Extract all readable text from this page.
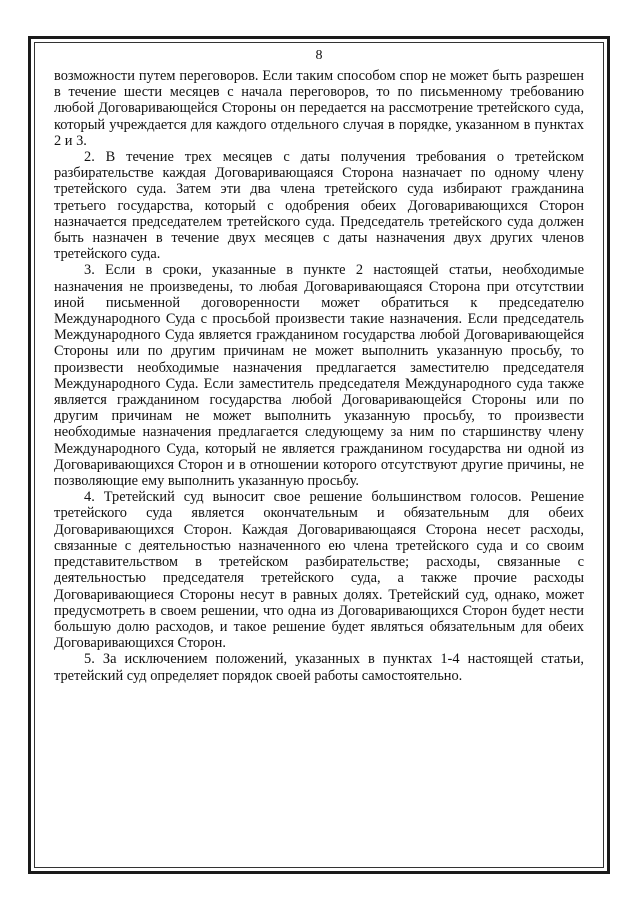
8

возможности путем переговоров. Если таким способом спор не может быть разрешен в течение шести месяцев с начала переговоров, то по письменному требованию любой Договаривающейся Стороны он передается на рассмотрение третейского суда, который учреждается для каждого отдельного случая в порядке, указанном в пунктах 2 и 3.

2. В течение трех месяцев с даты получения требования о третейском разбирательстве каждая Договаривающаяся Сторона назначает по одному члену третейского суда. Затем эти два члена третейского суда избирают гражданина третьего государства, который с одобрения обеих Договаривающихся Сторон назначается председателем третейского суда. Председатель третейского суда должен быть назначен в течение двух месяцев с даты назначения двух других членов третейского суда.

3. Если в сроки, указанные в пункте 2 настоящей статьи, необходимые назначения не произведены, то любая Договаривающаяся Сторона при отсутствии иной письменной договоренности может обратиться к председателю Международного Суда с просьбой произвести такие назначения. Если председатель Международного Суда является гражданином государства любой Договаривающейся Стороны или по другим причинам не может выполнить указанную просьбу, то произвести необходимые назначения предлагается заместителю председателя Международного Суда. Если заместитель председателя Международного суда также является гражданином государства любой Договаривающейся Стороны или по другим причинам не может выполнить указанную просьбу, то произвести необходимые назначения предлагается следующему за ним по старшинству члену Международного Суда, который не является гражданином государства ни одной из Договаривающихся Сторон и в отношении которого отсутствуют другие причины, не позволяющие ему выполнить указанную просьбу.

4. Третейский суд выносит свое решение большинством голосов. Решение третейского суда является окончательным и обязательным для обеих Договаривающихся Сторон. Каждая Договаривающаяся Сторона несет расходы, связанные с деятельностью назначенного ею члена третейского суда и со своим представительством в третейском разбирательстве; расходы, связанные с деятельностью председателя третейского суда, а также прочие расходы Договаривающиеся Стороны несут в равных долях. Третейский суд, однако, может предусмотреть в своем решении, что одна из Договаривающихся Сторон будет нести большую долю расходов, и такое решение будет являться обязательным для обеих Договаривающихся Сторон.

5. За исключением положений, указанных в пунктах 1-4 настоящей статьи, третейский суд определяет порядок своей работы самостоятельно.
